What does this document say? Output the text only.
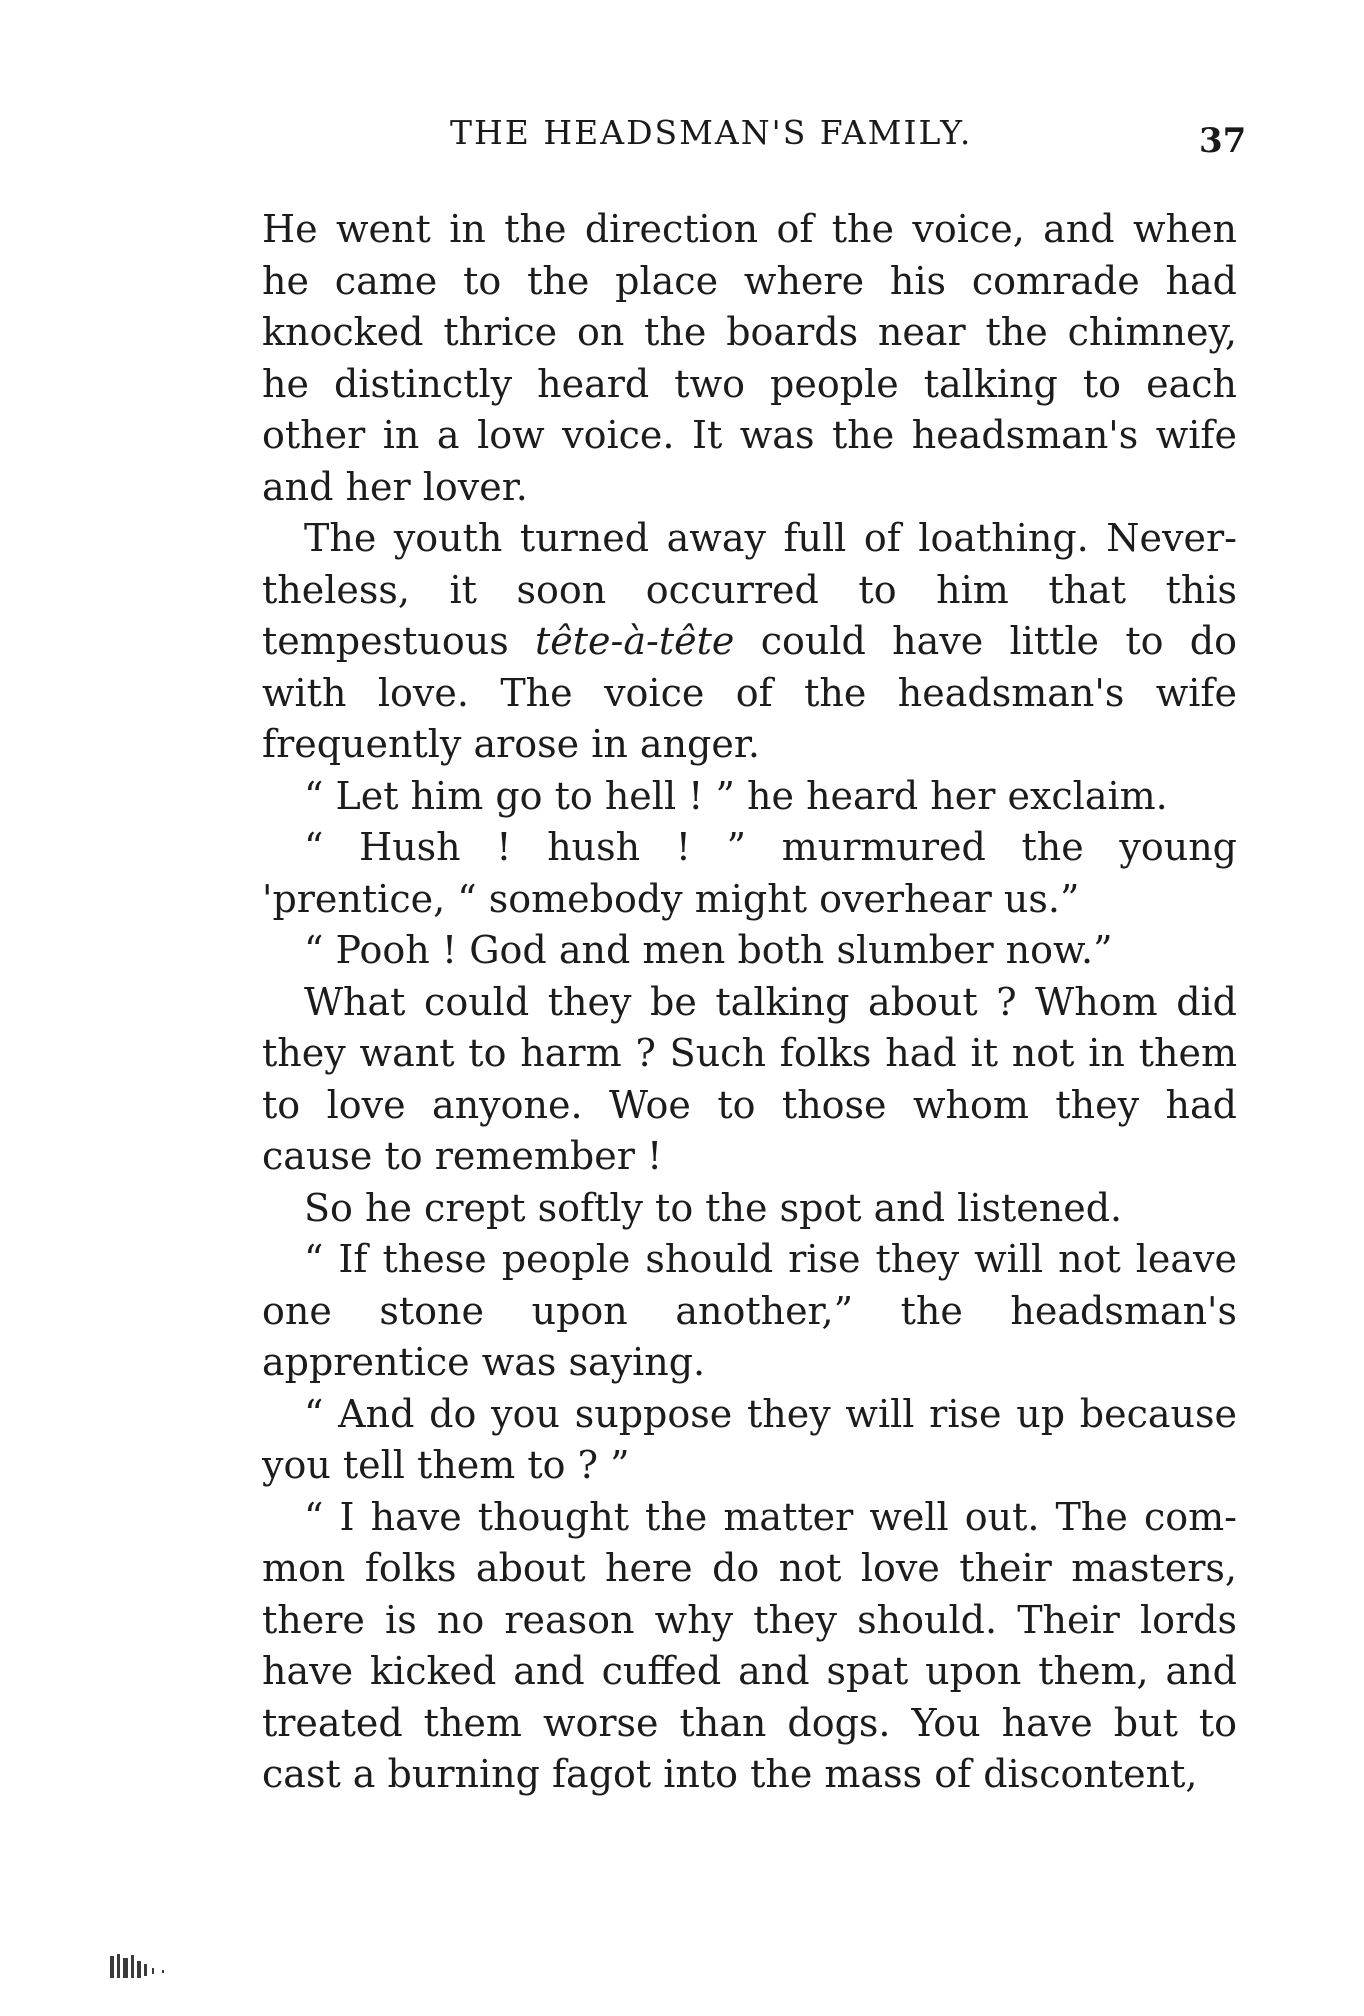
THE HEADSMAN'S FAMILY.	37

He went in the direction of the voice, and when he came to the place where his comrade had knocked thrice on the boards near the chimney, he distinctly heard two people talking to each other in a low voice. It was the headsman's wife and her lover.

The youth turned away full of loathing. Nevertheless, it soon occurred to him that this tempestuous tête-à-tête could have little to do with love. The voice of the headsman's wife frequently arose in anger.

“ Let him go to hell ! ” he heard her exclaim.

“ Hush ! hush ! ” murmured the young 'prentice, “ somebody might overhear us.”

“ Pooh ! God and men both slumber now.”

What could they be talking about ? Whom did they want to harm ? Such folks had it not in them to love anyone. Woe to those whom they had cause to remember !

So he crept softly to the spot and listened.

“ If these people should rise they will not leave one stone upon another,” the headsman's apprentice was saying.

“ And do you suppose they will rise up because you tell them to ? ”

“ I have thought the matter well out. The common folks about here do not love their masters, there is no reason why they should. Their lords have kicked and cuffed and spat upon them, and treated them worse than dogs. You have but to cast a burning fagot into the mass of discontent,
